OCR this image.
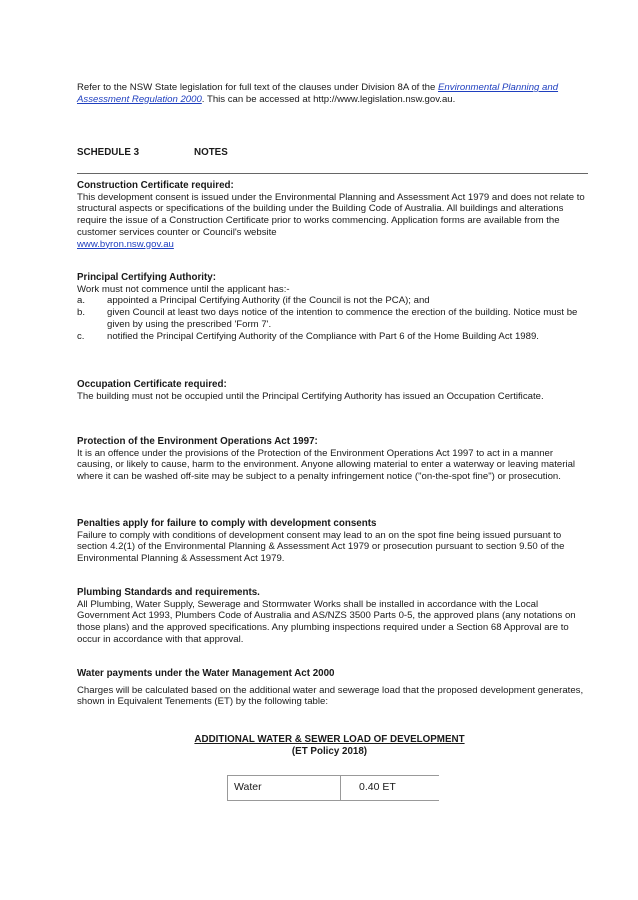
Refer to the NSW State legislation for full text of the clauses under Division 8A of the Environmental Planning and Assessment Regulation 2000. This can be accessed at http://www.legislation.nsw.gov.au.

SCHEDULE 3	NOTES

Construction Certificate required:

This development consent is issued under the Environmental Planning and Assessment Act 1979 and does not relate to structural aspects or specifications of the building under the Building Code of Australia. All buildings and alterations require the issue of a Construction Certificate prior to works commencing. Application forms are available from the customer services counter or Council's website

www.byron.nsw.gov.au

Principal Certifying Authority:

Work must not commence until the applicant has:-

a. appointed a Principal Certifying Authority (if the Council is not the PCA); and
b. given Council at least two days notice of the intention to commence the erection of the building. Notice must be given by using the prescribed 'Form 7'.
c. notified the Principal Certifying Authority of the Compliance with Part 6 of the Home Building Act 1989.

Occupation Certificate required:

The building must not be occupied until the Principal Certifying Authority has issued an Occupation Certificate.

Protection of the Environment Operations Act 1997:

It is an offence under the provisions of the Protection of the Environment Operations Act 1997 to act in a manner causing, or likely to cause, harm to the environment. Anyone allowing material to enter a waterway or leaving material where it can be washed off-site may be subject to a penalty infringement notice ("on-the-spot fine") or prosecution.

Penalties apply for failure to comply with development consents

Failure to comply with conditions of development consent may lead to an on the spot fine being issued pursuant to section 4.2(1) of the Environmental Planning & Assessment Act 1979 or prosecution pursuant to section 9.50 of the Environmental Planning & Assessment Act 1979.

Plumbing Standards and requirements.

All Plumbing, Water Supply, Sewerage and Stormwater Works shall be installed in accordance with the Local Government Act 1993, Plumbers Code of Australia and AS/NZS 3500 Parts 0-5, the approved plans (any notations on those plans) and the approved specifications. Any plumbing inspections required under a Section 68 Approval are to occur in accordance with that approval.

Water payments under the Water Management Act 2000

Charges will be calculated based on the additional water and sewerage load that the proposed development generates, shown in Equivalent Tenements (ET) by the following table:

ADDITIONAL WATER & SEWER LOAD OF DEVELOPMENT

(ET Policy 2018)

Water	0.40 ET
